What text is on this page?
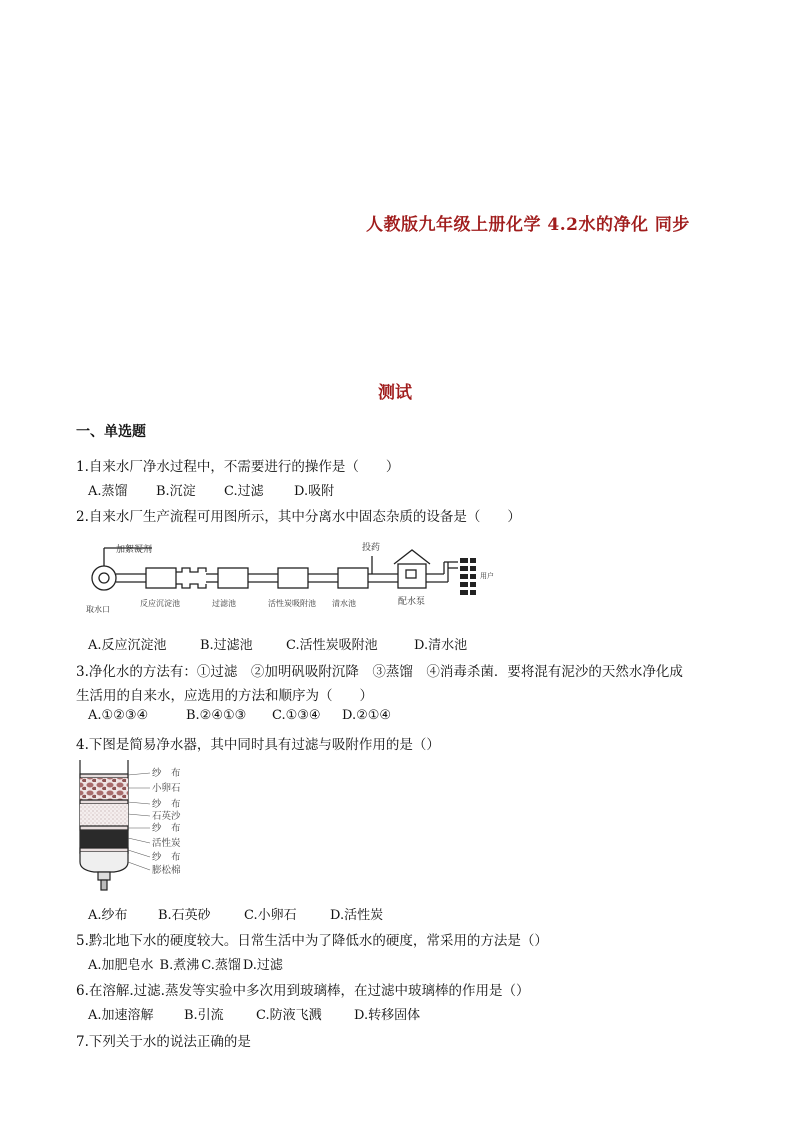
人教版九年级上册化学 4.2水的净化 同步
测试
一、单选题
1.自来水厂净水过程中，不需要进行的操作是（　　）
A.蒸馏 B.沉淀 C.过滤 D.吸附
2.自来水厂生产流程可用图所示，其中分离水中固态杂质的设备是（　　）
加絮凝剂
取水口
反应沉淀池	过滤池	活性炭吸附池 清水池
投药
配水泵
用户
A.反应沉淀池	B.过滤池	C.活性炭吸附池	D.清水池
3.净化水的方法有：①过滤　②加明矾吸附沉降　③蒸馏　④消毒杀菌．要将混有泥沙的天然水净化成
生活用的自来水，应选用的方法和顺序为（　　）
A.①②③④	B.②④①③ C.①③④ D.②①④
4.下图是简易净水器，其中同时具有过滤与吸附作用的是（）
纱　布
小卵石
纱　布
石英沙
纱　布
活性炭
纱　布
膨松棉
A.纱布 B.石英砂	C.小卵石	D.活性炭
5.黔北地下水的硬度较大。日常生活中为了降低水的硬度，常采用的方法是（）
A.加肥皂水 B.煮沸 C.蒸馏 D.过滤
6.在溶解.过滤.蒸发等实验中多次用到玻璃棒，在过滤中玻璃棒的作用是（）
A.加速溶解 B.引流 C.防液飞溅 D.转移固体
7.下列关于水的说法正确的是
